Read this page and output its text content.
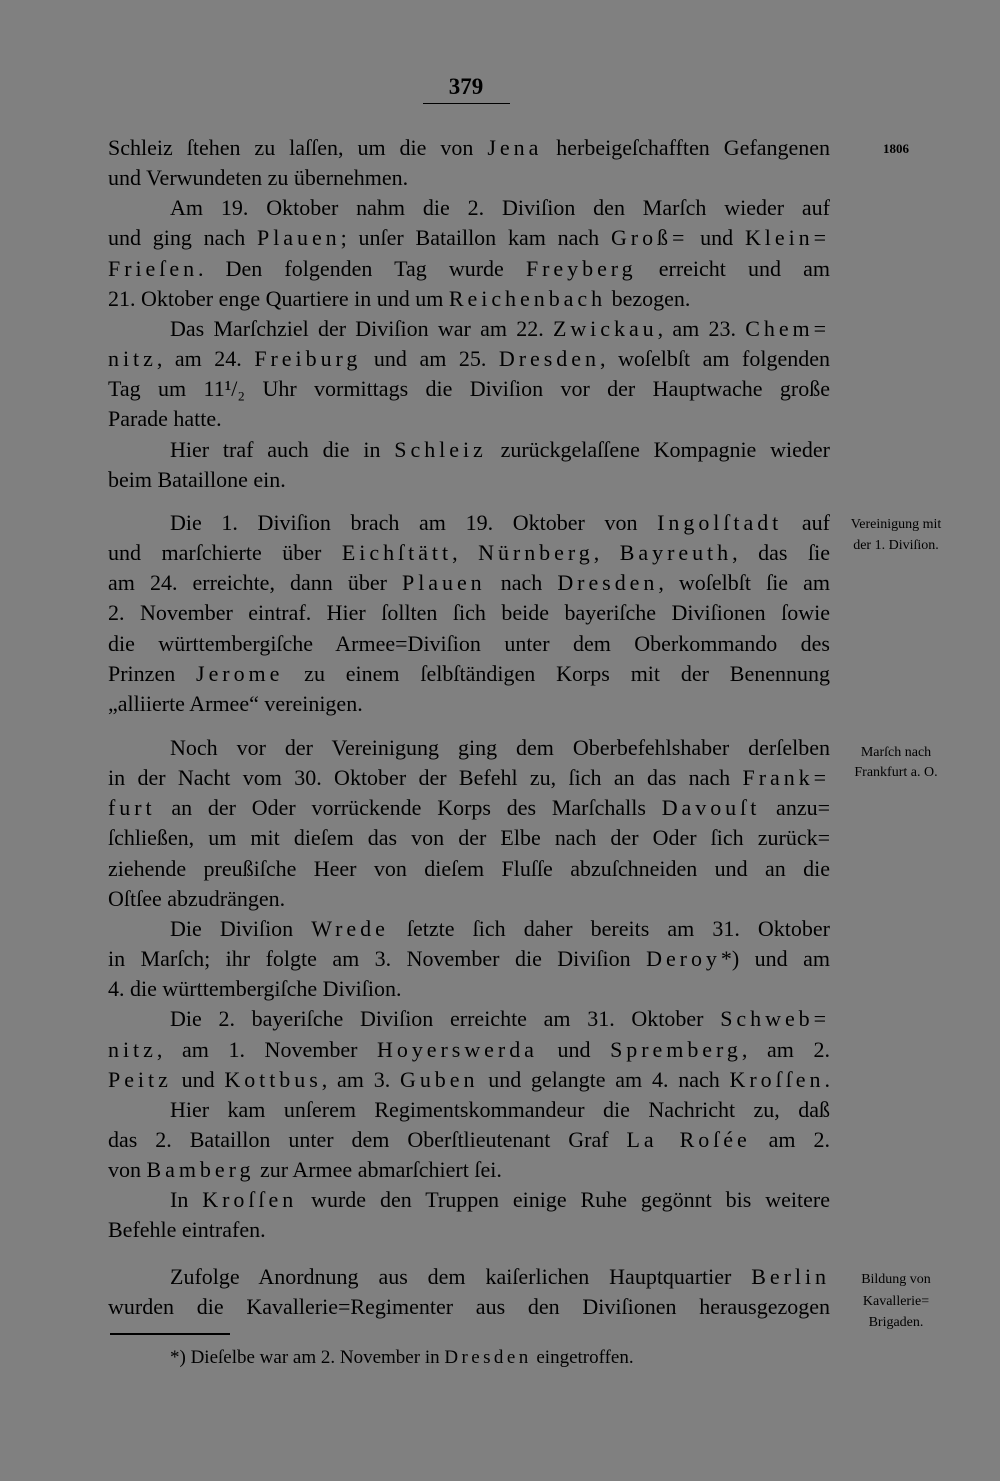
379
Schleiz ſtehen zu laſſen, um die von Jena herbeigeſchafften Gefangenen
und Verwundeten zu übernehmen.
Am 19. Oktober nahm die 2. Diviſion den Marſch wieder auf
und ging nach Plauen; unſer Bataillon kam nach Groß= und Klein=
Frieſen. Den folgenden Tag wurde Freyberg erreicht und am
21. Oktober enge Quartiere in und um Reichenbach bezogen.
Das Marſchziel der Diviſion war am 22. Zwickau, am 23. Chem=
nitz, am 24. Freiburg und am 25. Dresden, woſelbſt am folgenden
Tag um 11¹/₂ Uhr vormittags die Diviſion vor der Hauptwache große
Parade hatte.
Hier traf auch die in Schleiz zurückgelaſſene Kompagnie wieder
beim Bataillone ein.
Die 1. Diviſion brach am 19. Oktober von Ingolſtadt auf
und marſchierte über Eichſtätt, Nürnberg, Bayreuth, das ſie
am 24. erreichte, dann über Plauen nach Dresden, woſelbſt ſie am
2. November eintraf. Hier ſollten ſich beide bayeriſche Diviſionen ſowie
die württembergiſche Armee=Diviſion unter dem Oberkommando des
Prinzen Jerome zu einem ſelbſtändigen Korps mit der Benennung
„alliierte Armee“ vereinigen.
Noch vor der Vereinigung ging dem Oberbefehlshaber derſelben
in der Nacht vom 30. Oktober der Befehl zu, ſich an das nach Frank=
furt an der Oder vorrückende Korps des Marſchalls Davouſt anzu=
ſchließen, um mit dieſem das von der Elbe nach der Oder ſich zurück=
ziehende preußiſche Heer von dieſem Fluſſe abzuſchneiden und an die
Oſtſee abzudrängen.
Die Diviſion Wrede ſetzte ſich daher bereits am 31. Oktober
in Marſch; ihr folgte am 3. November die Diviſion Deroy*) und am
4. die württembergiſche Diviſion.
Die 2. bayeriſche Diviſion erreichte am 31. Oktober Schweb=
nitz, am 1. November Hoyerswerda und Spremberg, am 2.
Peitz und Kottbus, am 3. Guben und gelangte am 4. nach Kroſſen.
Hier kam unſerem Regimentskommandeur die Nachricht zu, daß
das 2. Bataillon unter dem Oberſtlieutenant Graf La Roſée am 2.
von Bamberg zur Armee abmarſchiert ſei.
In Kroſſen wurde den Truppen einige Ruhe gegönnt bis weitere
Befehle eintrafen.
Zufolge Anordnung aus dem kaiſerlichen Hauptquartier Berlin
wurden die Kavallerie=Regimenter aus den Diviſionen herausgezogen
1806
Vereinigung mit
der 1. Diviſion.
Marſch nach
Frankfurt a. O.
Bildung von
Kavallerie=
Brigaden.
*) Dieſelbe war am 2. November in Dresden eingetroffen.
